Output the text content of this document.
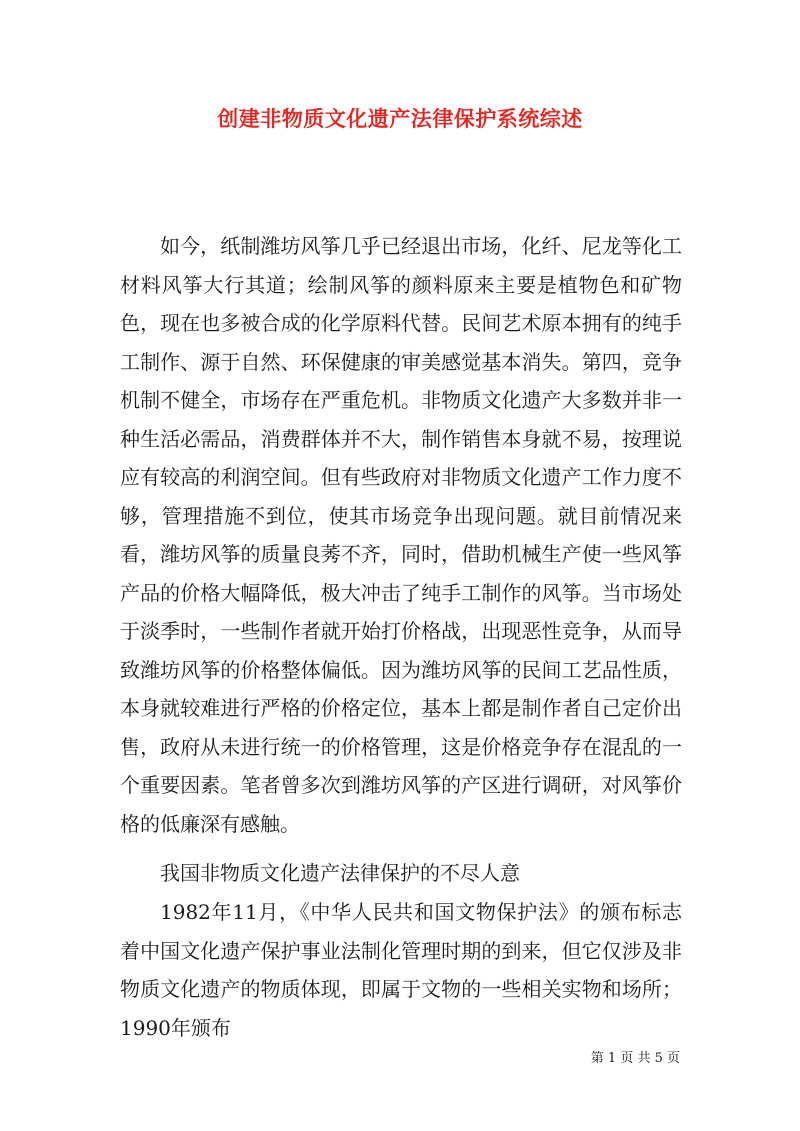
创建非物质文化遗产法律保护系统综述

如今，纸制潍坊风筝几乎已经退出市场，化纤、尼龙等化工材料风筝大行其道；绘制风筝的颜料原来主要是植物色和矿物色，现在也多被合成的化学原料代替。民间艺术原本拥有的纯手工制作、源于自然、环保健康的审美感觉基本消失。第四，竞争机制不健全，市场存在严重危机。非物质文化遗产大多数并非一种生活必需品，消费群体并不大，制作销售本身就不易，按理说应有较高的利润空间。但有些政府对非物质文化遗产工作力度不够，管理措施不到位，使其市场竞争出现问题。就目前情况来看，潍坊风筝的质量良莠不齐，同时，借助机械生产使一些风筝产品的价格大幅降低，极大冲击了纯手工制作的风筝。当市场处于淡季时，一些制作者就开始打价格战，出现恶性竞争，从而导致潍坊风筝的价格整体偏低。因为潍坊风筝的民间工艺品性质，本身就较难进行严格的价格定位，基本上都是制作者自己定价出售，政府从未进行统一的价格管理，这是价格竞争存在混乱的一个重要因素。笔者曾多次到潍坊风筝的产区进行调研，对风筝价格的低廉深有感触。

我国非物质文化遗产法律保护的不尽人意

1982年11月，《中华人民共和国文物保护法》的颁布标志着中国文化遗产保护事业法制化管理时期的到来，但它仅涉及非物质文化遗产的物质体现，即属于文物的一些相关实物和场所；1990年颁布

第 1 页 共 5 页
